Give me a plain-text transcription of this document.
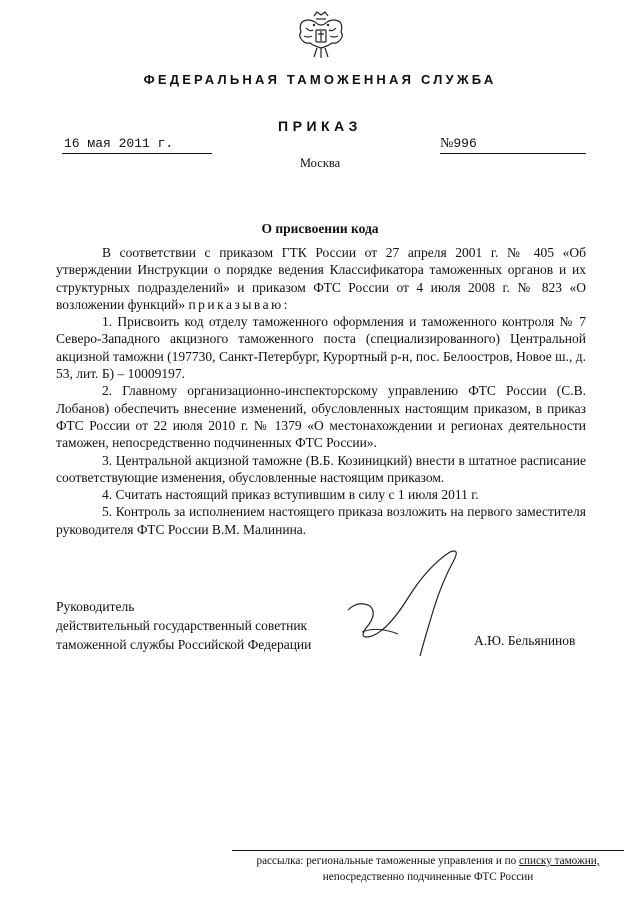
ФЕДЕРАЛЬНАЯ ТАМОЖЕННАЯ СЛУЖБА
ПРИКАЗ
16 мая 2011 г.	№996
Москва
О присвоении кода

В соответствии с приказом ГТК России от 27 апреля 2001 г. № 405 «Об утверждении Инструкции о порядке ведения Классификатора таможенных органов и их структурных подразделений» и приказом ФТС России от 4 июля 2008 г. № 823 «О возложении функций» приказываю:

1. Присвоить код отделу таможенного оформления и таможенного контроля № 7 Северо-Западного акцизного таможенного поста (специализированного) Центральной акцизной таможни (197730, Санкт-Петербург, Курортный р-н, пос. Белоостров, Новое ш., д. 53, лит. Б) – 10009197.

2. Главному организационно-инспекторскому управлению ФТС России (С.В. Лобанов) обеспечить внесение изменений, обусловленных настоящим приказом, в приказ ФТС России от 22 июля 2010 г. № 1379 «О местонахождении и регионах деятельности таможен, непосредственно подчиненных ФТС России».

3. Центральной акцизной таможне (В.Б. Козиницкий) внести в штатное расписание соответствующие изменения, обусловленные настоящим приказом.

4. Считать настоящий приказ вступившим в силу с 1 июля 2011 г.

5. Контроль за исполнением настоящего приказа возложить на первого заместителя руководителя ФТС России В.М. Малинина.

Руководитель
действительный государственный советник
таможенной службы Российской Федерации	А.Ю. Бельянинов
рассылка: региональные таможенные управления и по списку таможни,
непосредственно подчиненные ФТС России
